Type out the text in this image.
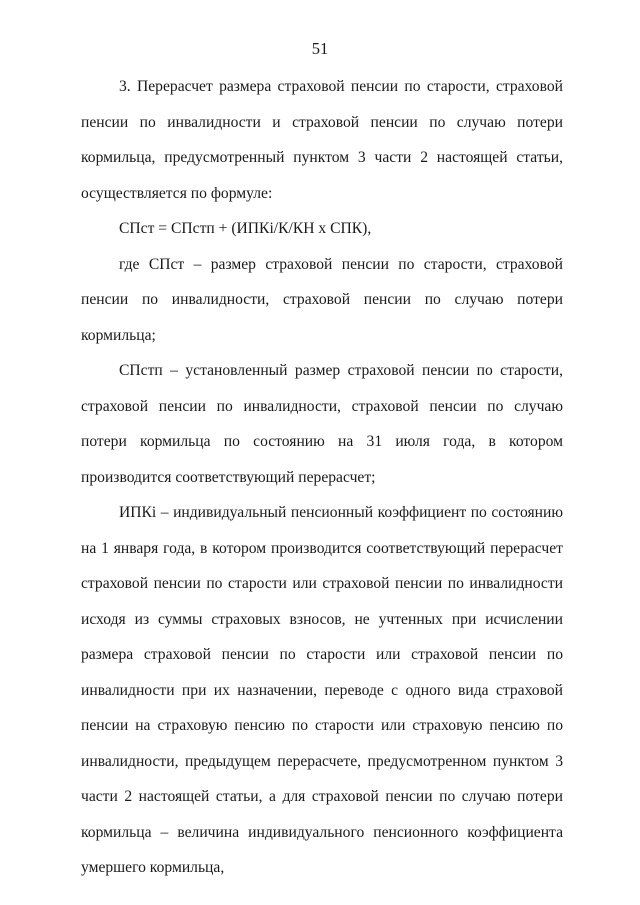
51

3. Перерасчет размера страховой пенсии по старости, страховой пенсии по инвалидности и страховой пенсии по случаю потери кормильца, предусмотренный пунктом 3 части 2 настоящей статьи, осуществляется по формуле:

СПст = СПстп + (ИПКi/К/КН х СПК),

где СПст – размер страховой пенсии по старости, страховой пенсии по инвалидности, страховой пенсии по случаю потери кормильца;

СПстп – установленный размер страховой пенсии по старости, страховой пенсии по инвалидности, страховой пенсии по случаю потери кормильца по состоянию на 31 июля года, в котором производится соответствующий перерасчет;

ИПКi – индивидуальный пенсионный коэффициент по состоянию на 1 января года, в котором производится соответствующий перерасчет страховой пенсии по старости или страховой пенсии по инвалидности исходя из суммы страховых взносов, не учтенных при исчислении размера страховой пенсии по старости или страховой пенсии по инвалидности при их назначении, переводе с одного вида страховой пенсии на страховую пенсию по старости или страховую пенсию по инвалидности, предыдущем перерасчете, предусмотренном пунктом 3 части 2 настоящей статьи, а для страховой пенсии по случаю потери кормильца – величина индивидуального пенсионного коэффициента умершего кормильца,
